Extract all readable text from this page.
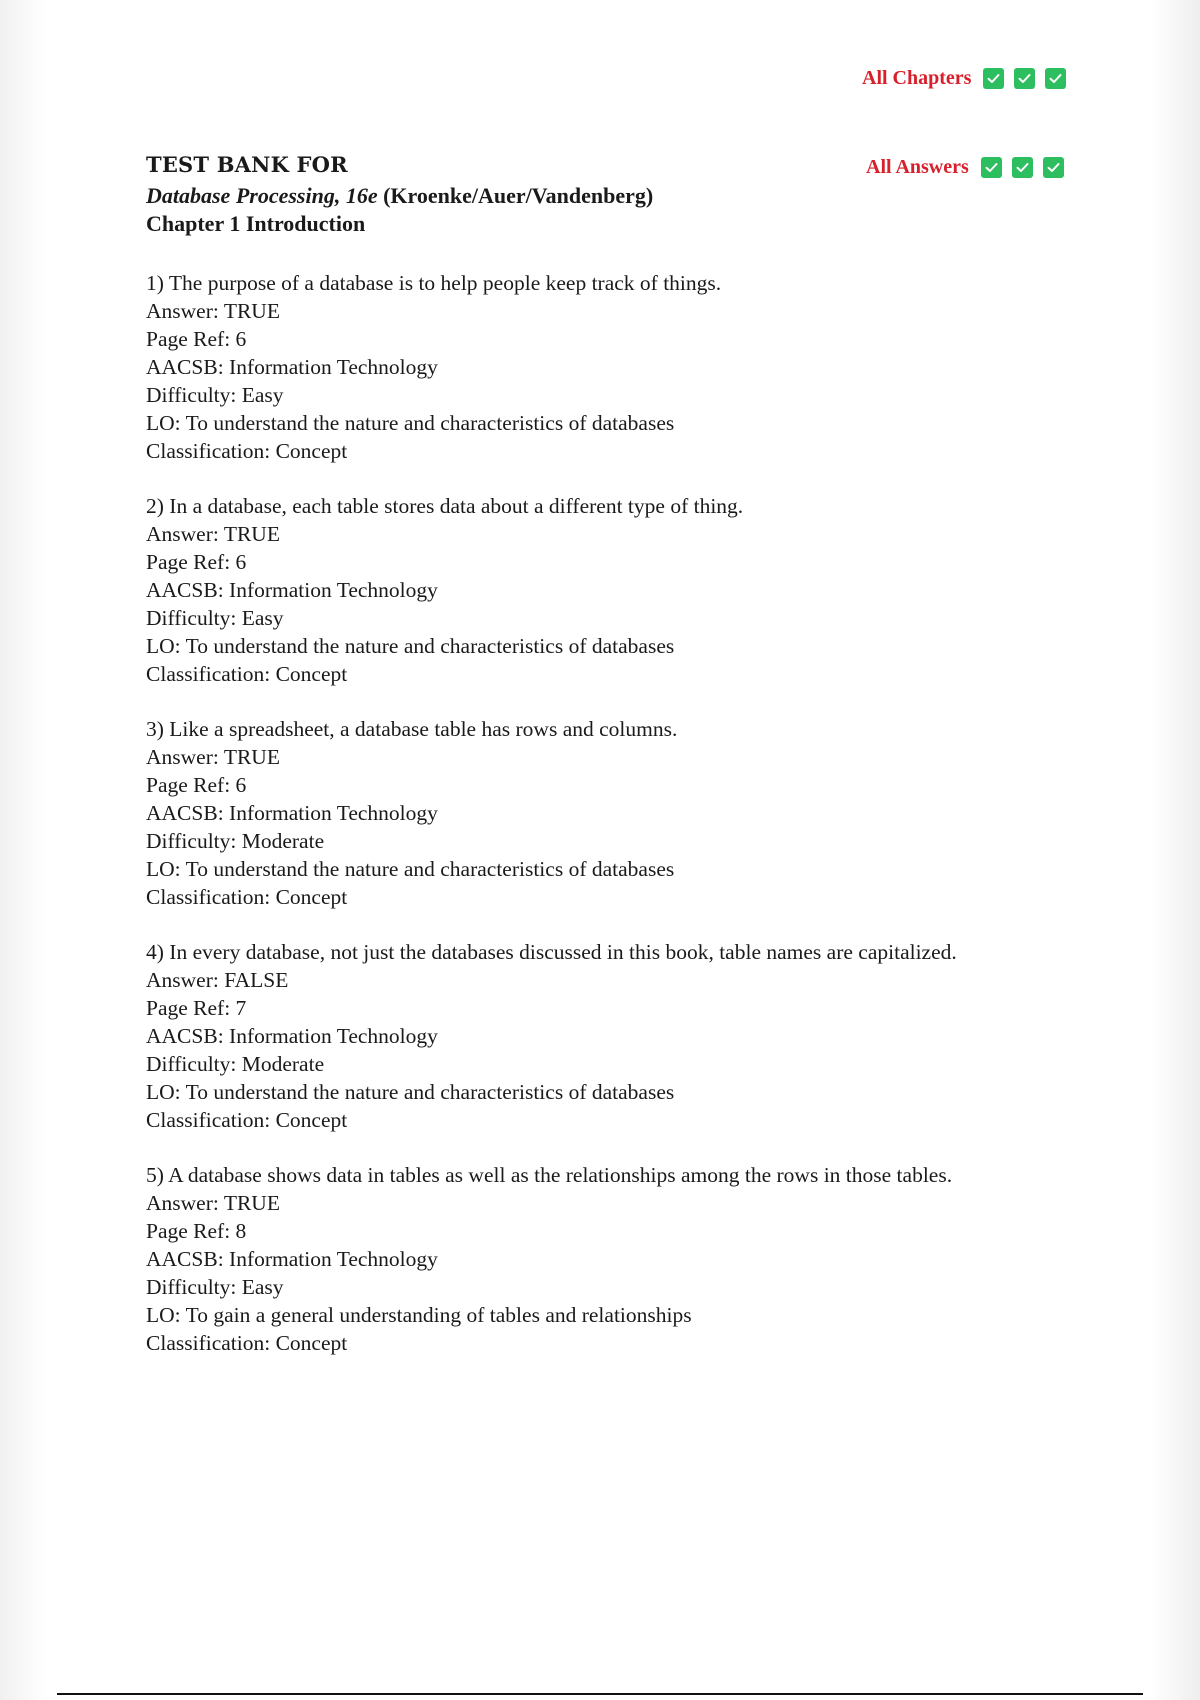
All Chapters
All Answers
TEST BANK FOR
Database Processing, 16e (Kroenke/Auer/Vandenberg)
Chapter 1 Introduction
1) The purpose of a database is to help people keep track of things.
Answer: TRUE
Page Ref: 6
AACSB: Information Technology
Difficulty: Easy
LO: To understand the nature and characteristics of databases
Classification: Concept
2) In a database, each table stores data about a different type of thing.
Answer: TRUE
Page Ref: 6
AACSB: Information Technology
Difficulty: Easy
LO: To understand the nature and characteristics of databases
Classification: Concept
3) Like a spreadsheet, a database table has rows and columns.
Answer: TRUE
Page Ref: 6
AACSB: Information Technology
Difficulty: Moderate
LO: To understand the nature and characteristics of databases
Classification: Concept
4) In every database, not just the databases discussed in this book, table names are capitalized.
Answer: FALSE
Page Ref: 7
AACSB: Information Technology
Difficulty: Moderate
LO: To understand the nature and characteristics of databases
Classification: Concept
5) A database shows data in tables as well as the relationships among the rows in those tables.
Answer: TRUE
Page Ref: 8
AACSB: Information Technology
Difficulty: Easy
LO: To gain a general understanding of tables and relationships
Classification: Concept
